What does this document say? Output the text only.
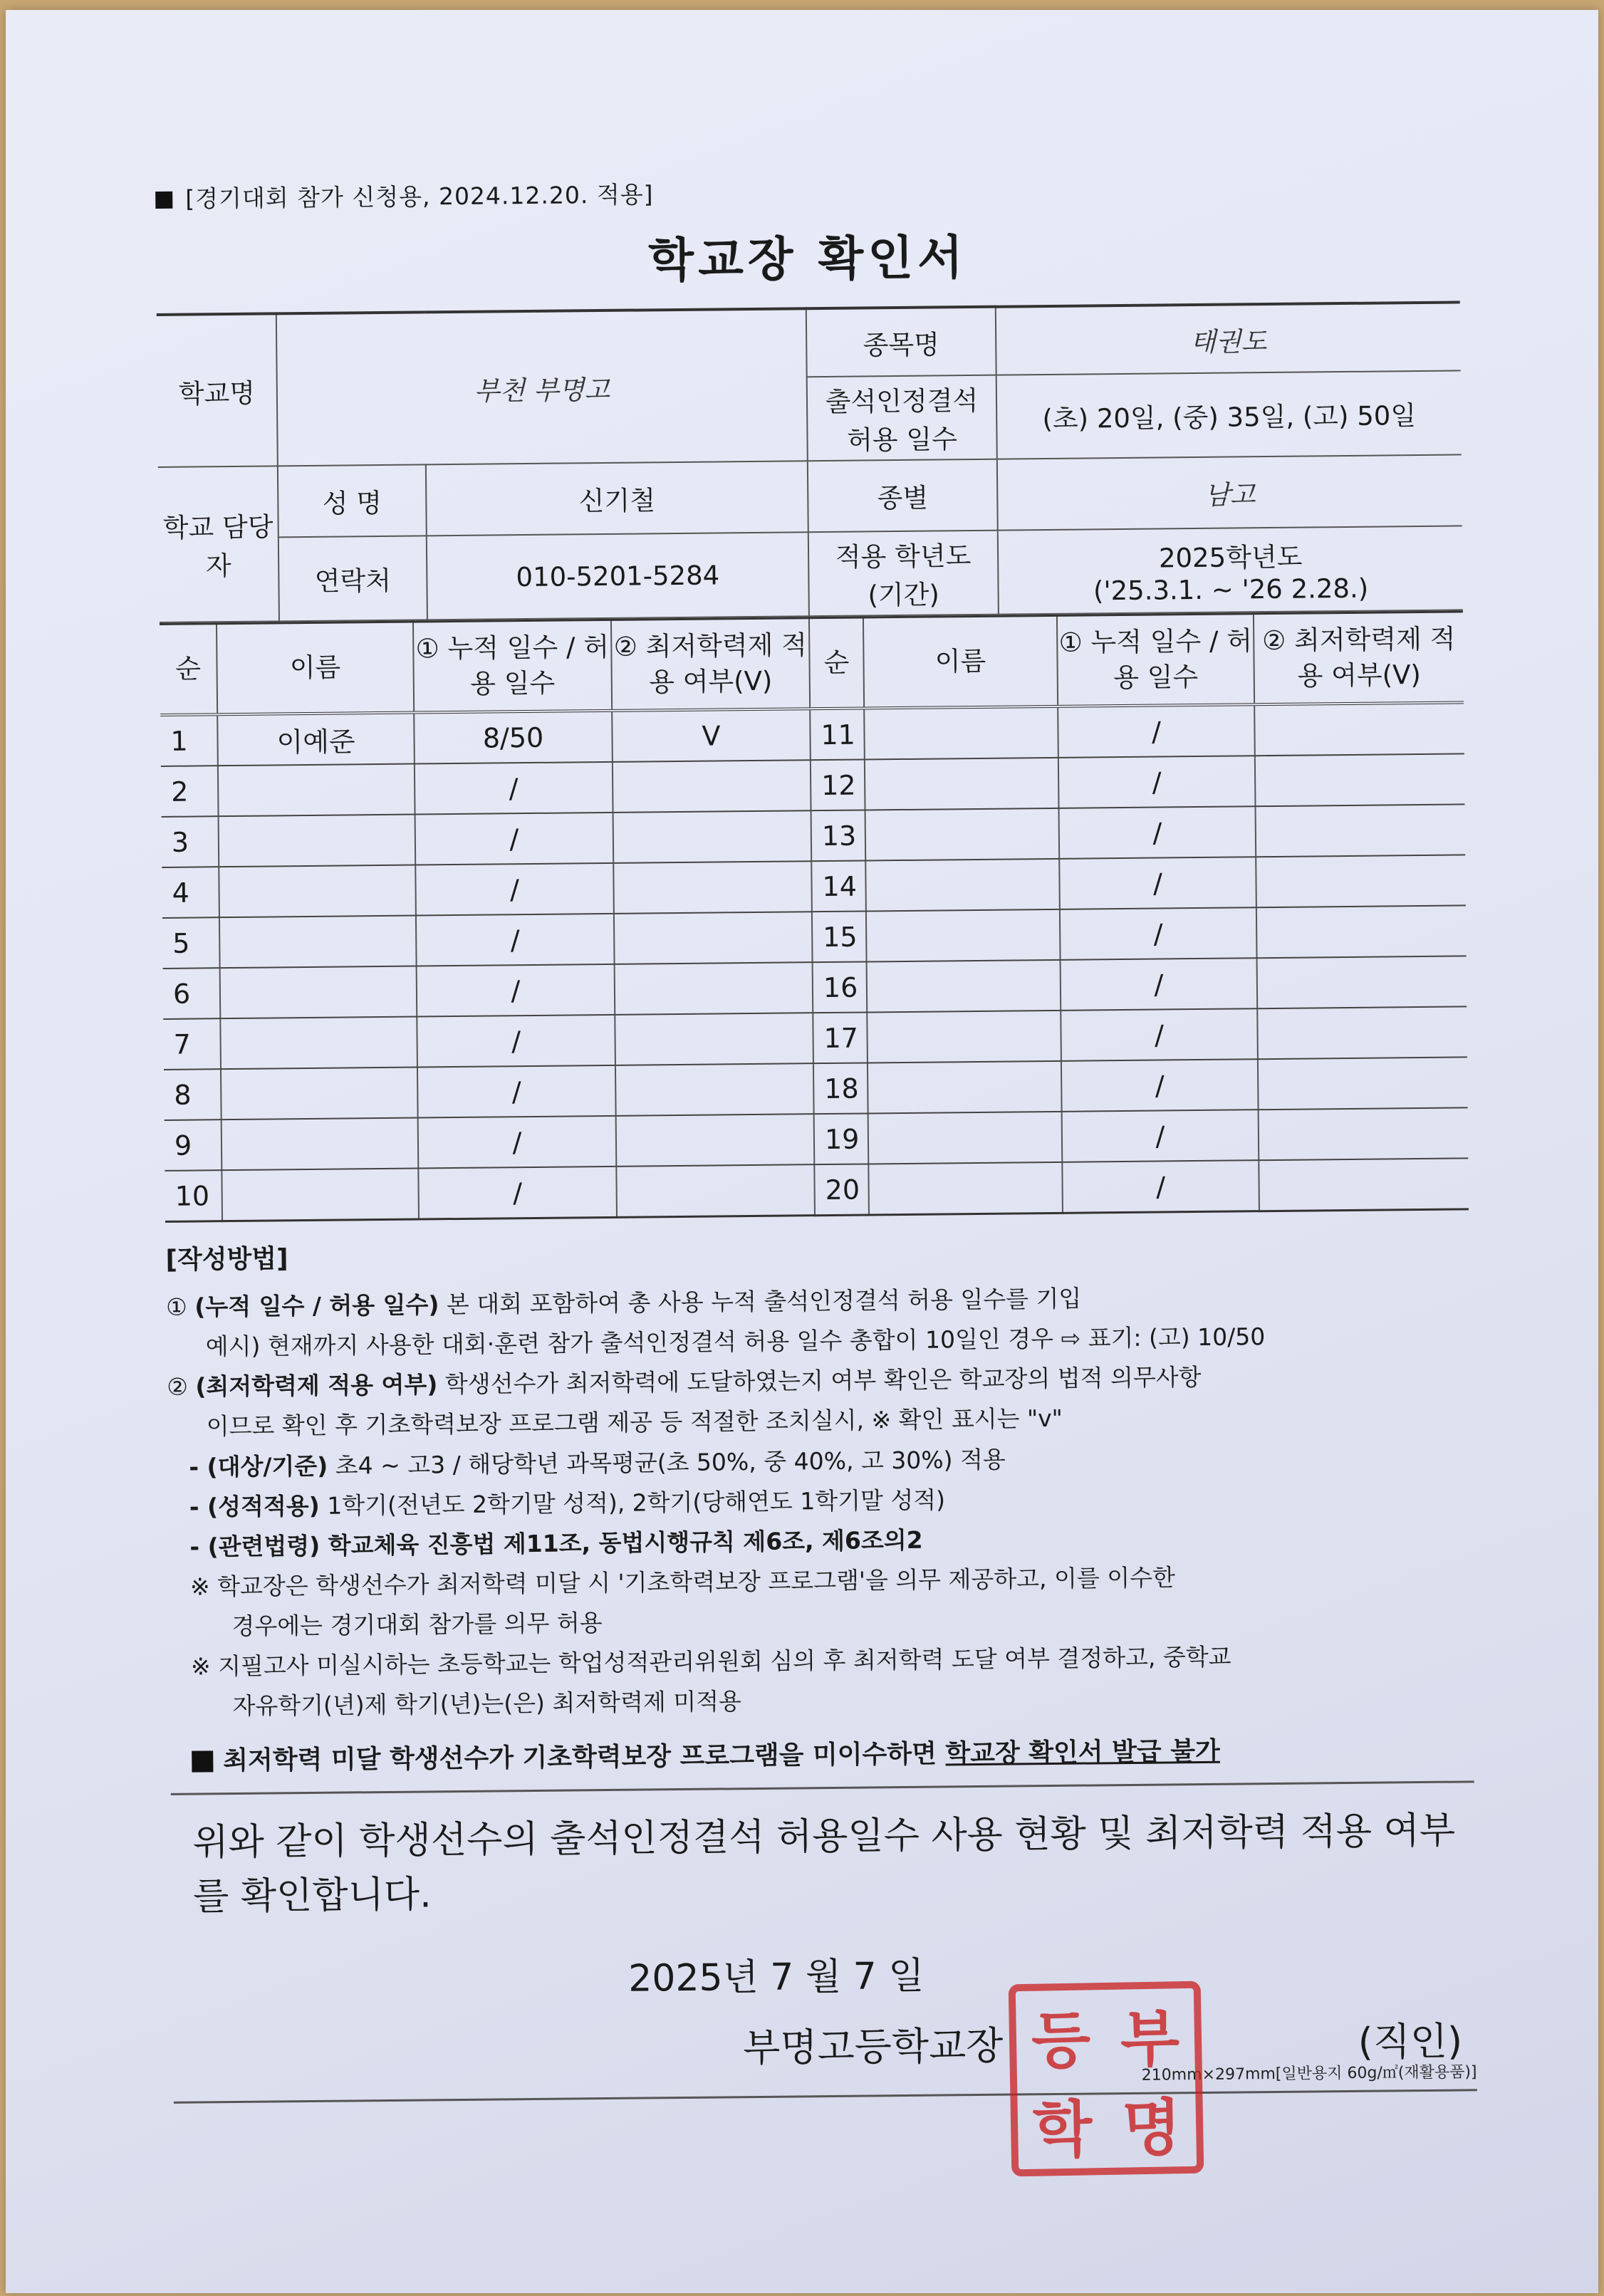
[경기대회 참가 신청용, 2024.12.20. 적용]
학교장 확인서
학교명	부천 부명고		종목명	태권도
			출석인정결석 허용 일수	(초) 20일, (중) 35일, (고) 50일
학교 담당자	성 명	신기철	종별	남고
	연락처	010-5201-5284	적용 학년도 (기간)	2025학년도
('25.3.1. ~ '26 2.28.)
순	이름	① 누적 일수 / 허용 일수	② 최저학력제 적용 여부(V)	순	이름	① 누적 일수 / 허용 일수	② 최저학력제 적용 여부(V)
1	이예준	8/50	V	11		/	
2		/		12		/	
3		/		13		/	
4		/		14		/	
5		/		15		/	
6		/		16		/	
7		/		17		/	
8		/		18		/	
9		/		19		/	
10		/		20		/	
[작성방법]

① (누적 일수 / 허용 일수) 본 대회 포함하여 총 사용 누적 출석인정결석 허용 일수를 기입

예시) 현재까지 사용한 대회·훈련 참가 출석인정결석 허용 일수 총합이 10일인 경우 ⇨ 표기: (고) 10/50

② (최저학력제 적용 여부) 학생선수가 최저학력에 도달하였는지 여부 확인은 학교장의 법적 의무사항

이므로 확인 후 기초학력보장 프로그램 제공 등 적절한 조치실시, ※ 확인 표시는 "v"

- (대상/기준) 초4 ~ 고3 / 해당학년 과목평균(초 50%, 중 40%, 고 30%) 적용

- (성적적용) 1학기(전년도 2학기말 성적), 2학기(당해연도 1학기말 성적)

- (관련법령) 학교체육 진흥법 제11조, 동법시행규칙 제6조, 제6조의2

※ 학교장은 학생선수가 최저학력 미달 시 '기초학력보장 프로그램'을 의무 제공하고, 이를 이수한

경우에는 경기대회 참가를 의무 허용

※ 지필고사 미실시하는 초등학교는 학업성적관리위원회 심의 후 최저학력 도달 여부 결정하고, 중학교

자유학기(년)제 학기(년)는(은) 최저학력제 미적용

최저학력 미달 학생선수가 기초학력보장 프로그램을 미이수하면 학교장 확인서 발급 불가
위와 같이 학생선수의 출석인정결석 허용일수 사용 현황 및 최저학력 적용 여부를 확인합니다.
2025년 7 월 7 일
부명고등학교장	(직인)
210mm×297mm[일반용지 60g/㎡(재활용품)]
등 부
학 명
